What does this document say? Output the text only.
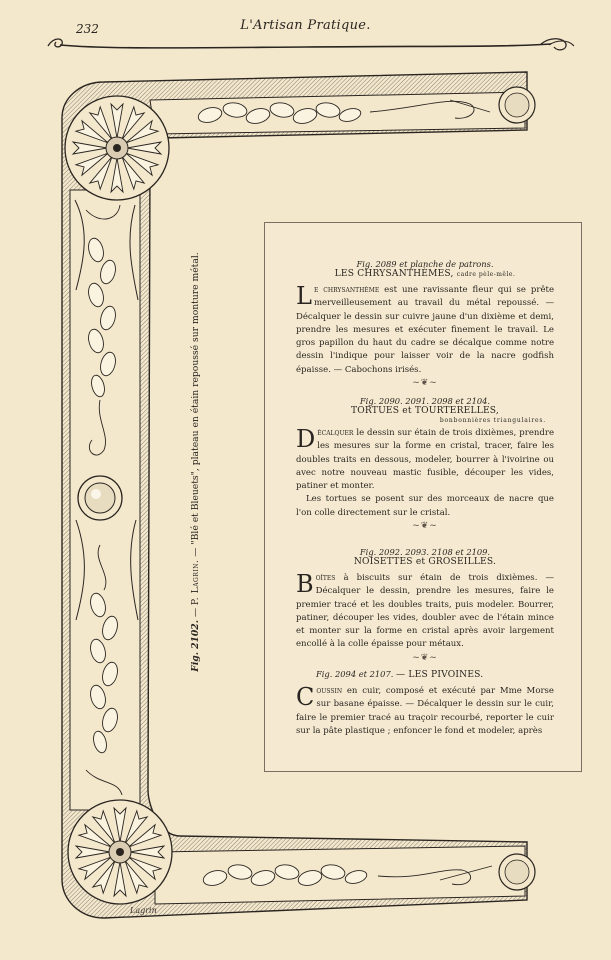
232	L'Artisan Pratique.
Fig. 2102. — P. Lagrin. — "Blé et Bleuets", plateau en étain repoussé sur monture métal.
Lagrin
Fig. 2089 et planche de patrons.
LES CHRYSANTHÈMES, cadre pèle-mêle.
Le chrysanthème est une ravissante fleur qui se prête merveilleusement au travail du métal repoussé. — Décalquer le dessin sur cuivre jaune d'un dixième et demi, prendre les mesures et exécuter finement le travail. Le gros papillon du haut du cadre se décalque comme notre dessin l'indique pour laisser voir de la nacre godfish épaisse. — Cabochons irisés.
~❦~
Fig. 2090. 2091. 2098 et 2104.
TORTUES et TOURTERELLES,
bonbonnières triangulaires.
Décalquer le dessin sur étain de trois dixièmes, prendre les mesures sur la forme en cristal, tracer, faire les doubles traits en dessous, modeler, bourrer à l'ivoirine ou avec notre nouveau mastic fusible, découper les vides, patiner et monter.
Les tortues se posent sur des morceaux de nacre que l'on colle directement sur le cristal.
~❦~
Fig. 2092. 2093. 2108 et 2109.
NOISETTES et GROSEILLES.
Boîtes à biscuits sur étain de trois dixièmes. — Décalquer le dessin, prendre les mesures, faire le premier tracé et les doubles traits, puis modeler. Bourrer, patiner, découper les vides, doubler avec de l'étain mince et monter sur la forme en cristal après avoir largement encollé à la colle épaisse pour métaux.
~❦~
Fig. 2094 et 2107. — LES PIVOINES.
Coussin en cuir, composé et exécuté par Mme Morse sur basane épaisse. — Décalquer le dessin sur le cuir, faire le premier tracé au traçoir recourbé, reporter le cuir sur la pâte plastique ; enfoncer le fond et modeler, après
